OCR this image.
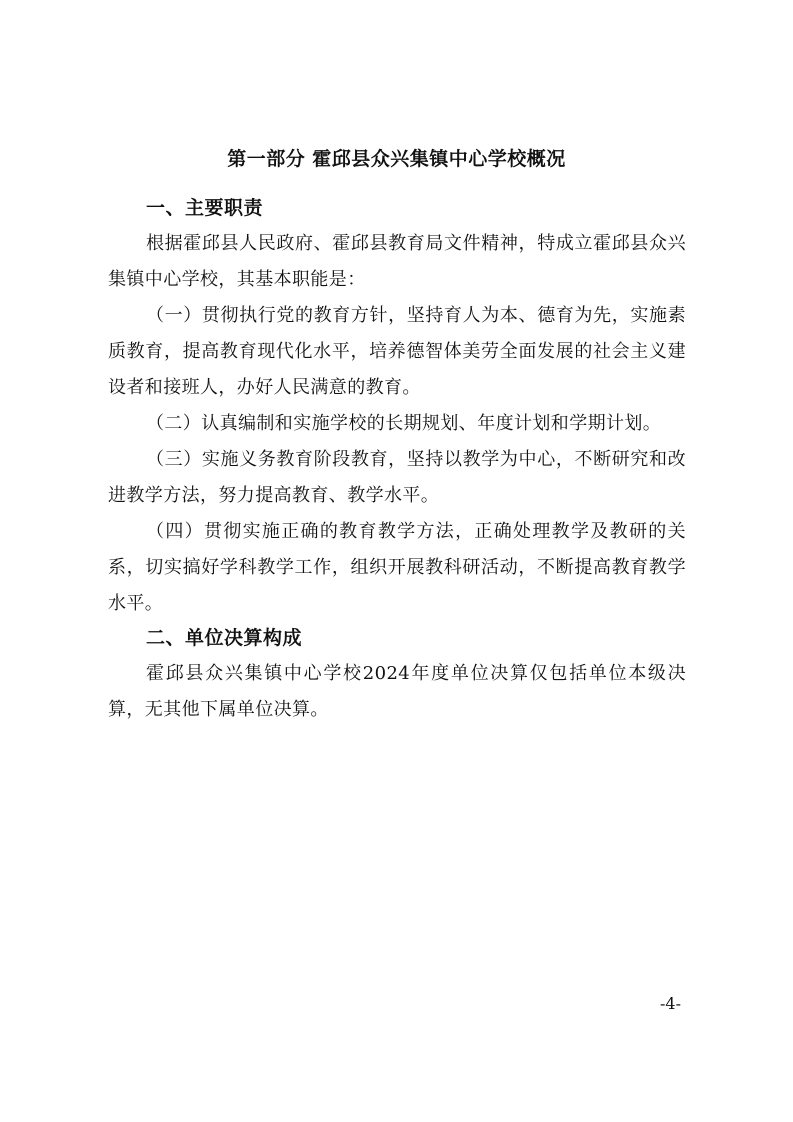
第一部分 霍邱县众兴集镇中心学校概况
一、主要职责

根据霍邱县人民政府、霍邱县教育局文件精神，特成立霍邱县众兴集镇中心学校，其基本职能是：

（一）贯彻执行党的教育方针，坚持育人为本、德育为先，实施素质教育，提高教育现代化水平，培养德智体美劳全面发展的社会主义建设者和接班人，办好人民满意的教育。

（二）认真编制和实施学校的长期规划、年度计划和学期计划。

（三）实施义务教育阶段教育，坚持以教学为中心，不断研究和改进教学方法，努力提高教育、教学水平。

（四）贯彻实施正确的教育教学方法，正确处理教学及教研的关系，切实搞好学科教学工作，组织开展教科研活动，不断提高教育教学水平。

二、单位决算构成

霍邱县众兴集镇中心学校2024年度单位决算仅包括单位本级决算，无其他下属单位决算。

-4-
